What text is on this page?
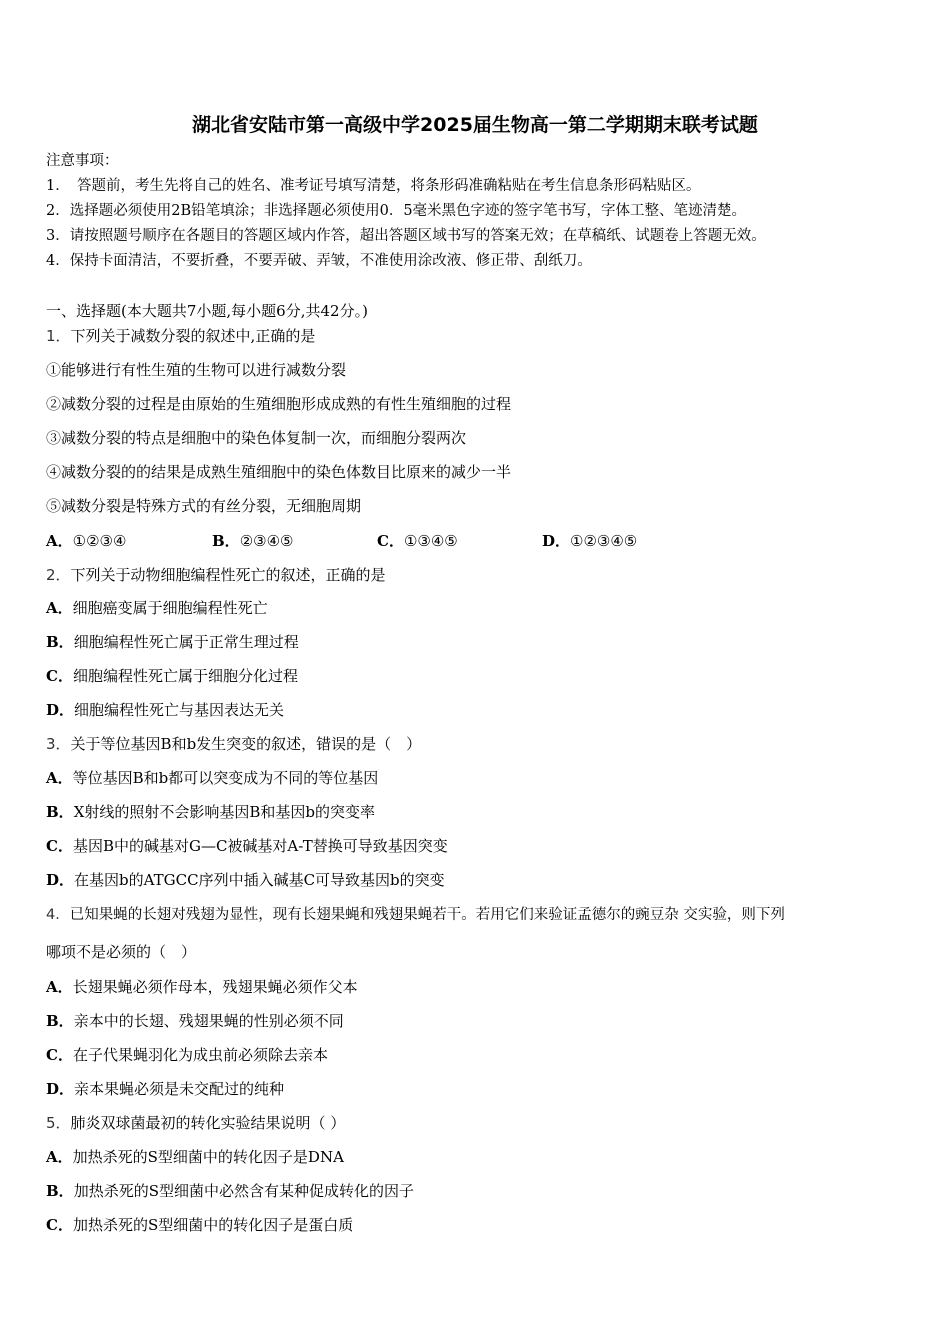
湖北省安陆市第一高级中学2025届生物高一第二学期期末联考试题
注意事项：
1．　答题前，考生先将自己的姓名、准考证号填写清楚，将条形码准确粘贴在考生信息条形码粘贴区。
2．选择题必须使用2B铅笔填涂；非选择题必须使用0．5毫米黑色字迹的签字笔书写，字体工整、笔迹清楚。
3．请按照题号顺序在各题目的答题区域内作答，超出答题区域书写的答案无效；在草稿纸、试题卷上答题无效。
4．保持卡面清洁，不要折叠，不要弄破、弄皱，不准使用涂改液、修正带、刮纸刀。
一、选择题(本大题共7小题,每小题6分,共42分。)
1．下列关于减数分裂的叙述中,正确的是
①能够进行有性生殖的生物可以进行减数分裂
②减数分裂的过程是由原始的生殖细胞形成成熟的有性生殖细胞的过程
③减数分裂的特点是细胞中的染色体复制一次，而细胞分裂两次
④减数分裂的的结果是成熟生殖细胞中的染色体数目比原来的减少一半
⑤减数分裂是特殊方式的有丝分裂，无细胞周期
A．①②③④	B．②③④⑤	C．①③④⑤	D．①②③④⑤
2．下列关于动物细胞编程性死亡的叙述，正确的是
A．细胞癌变属于细胞编程性死亡
B．细胞编程性死亡属于正常生理过程
C．细胞编程性死亡属于细胞分化过程
D．细胞编程性死亡与基因表达无关
3．关于等位基因B和b发生突变的叙述，错误的是（　）
A．等位基因B和b都可以突变成为不同的等位基因
B．X射线的照射不会影响基因B和基因b的突变率
C．基因B中的碱基对G—C被碱基对A-T替换可导致基因突变
D．在基因b的ATGCC序列中插入碱基C可导致基因b的突变
4．已知果蝇的长翅对残翅为显性，现有长翅果蝇和残翅果蝇若干。若用它们来验证孟德尔的豌豆杂 交实验，则下列
哪项不是必须的（　）
A．长翅果蝇必须作母本，残翅果蝇必须作父本
B．亲本中的长翅、残翅果蝇的性别必须不同
C．在子代果蝇羽化为成虫前必须除去亲本
D．亲本果蝇必须是未交配过的纯种
5．肺炎双球菌最初的转化实验结果说明（ ）
A．加热杀死的S型细菌中的转化因子是DNA
B．加热杀死的S型细菌中必然含有某种促成转化的因子
C．加热杀死的S型细菌中的转化因子是蛋白质
